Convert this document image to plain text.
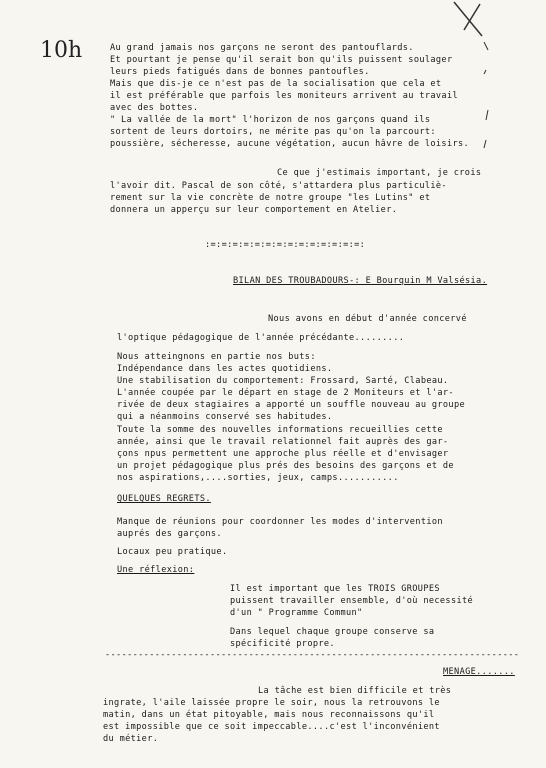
10h	Au grand jamais nos garçons ne seront des pantouflards.
Et pourtant je pense qu'il serait bon qu'ils puissent soulager
leurs pieds fatigués dans de bonnes pantoufles.
Mais que dis-je ce n'est pas de la socialisation que cela et
il est préférable que parfois les moniteurs arrivent au travail
avec des bottes.
" La vallée de la mort" l'horizon de nos garçons quand ils
sortent de leurs dortoirs, ne mérite pas qu'on la parcourt:
poussière, sécheresse, aucune végétation, aucun hâvre de loisirs.
Ce que j'estimais important, je crois
l'avoir dit. Pascal de son côté, s'attardera plus particuliè-
rement sur la vie concrète de notre groupe "les Lutins" et
donnera un apperçu sur leur comportement en Atelier.
:=:=:=:=:=:=:=:=:=:=:=:=:=:=:
BILAN DES TROUBADOURS-: E Bourquin M Valsésia.
Nous avons en début d'année concervé
l'optique pédagogique de l'année précédante.........
Nous atteingnons en partie nos buts:
Indépendance dans les actes quotidiens.
Une stabilisation du comportement: Frossard, Sarté, Clabeau.
L'année coupée par le départ en stage de 2 Moniteurs et l'ar-
rivée de deux stagiaires a apporté un souffle nouveau au groupe
qui a néanmoins conservé ses habitudes.
Toute la somme des nouvelles informations recueillies cette
année, ainsi que le travail relationnel fait auprès des gar-
çons npus permettent une approche plus réelle et d'envisager
un projet pédagogique plus prés des besoins des garçons et de
nos aspirations,....sorties, jeux, camps...........
QUELQUES REGRETS.
Manque de réunions pour coordonner les modes d'intervention
auprés des garçons.
Locaux peu pratique.
Une réflexion:
Il est important que les TROIS GROUPES
puissent travailler ensemble, d'où necessité
d'un " Programme Commun"
Dans lequel chaque groupe conserve sa
spécificité propre.
---------------------------------------------------------------------------
MENAGE.......
La tâche est bien difficile et très
ingrate, l'aile laissée propre le soir, nous la retrouvons le
matin, dans un état pitoyable, mais nous reconnaissons qu'il
est impossible que ce soit impeccable....c'est l'inconvénient
du métier.
